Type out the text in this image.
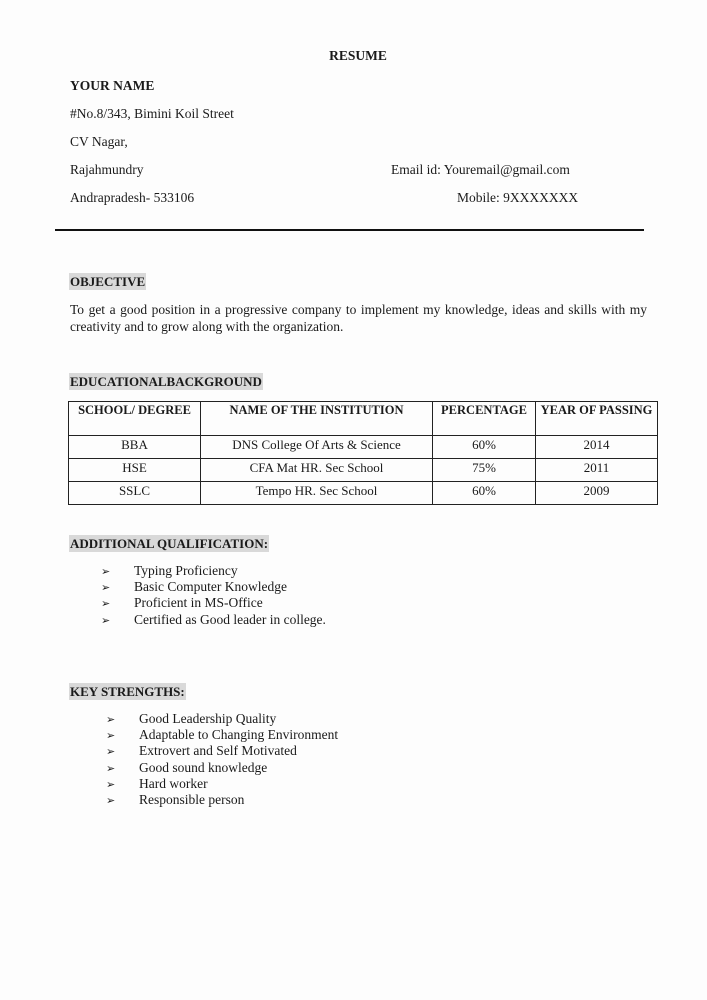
RESUME
YOUR NAME
#No.8/343, Bimini Koil Street
CV Nagar,
Rajahmundry
Andrapradesh- 533106
Email id: Youremail@gmail.com
Mobile: 9XXXXXXX
OBJECTIVE
To get a good position in a progressive company to implement my knowledge, ideas and skills with my creativity and to grow along with the organization.
EDUCATIONALBACKGROUND
SCHOOL/ DEGREE	NAME OF THE INSTITUTION	PERCENTAGE	YEAR OF PASSING
BBA	DNS College Of Arts & Science	60%	2014
HSE	CFA Mat HR. Sec School	75%	2011
SSLC	Tempo HR. Sec School	60%	2009
ADDITIONAL QUALIFICATION:
➢ Typing Proficiency
➢ Basic Computer Knowledge
➢ Proficient in MS-Office
➢ Certified as Good leader in college.
KEY STRENGTHS:
➢ Good Leadership Quality
➢ Adaptable to Changing Environment
➢ Extrovert and Self Motivated
➢ Good sound knowledge
➢ Hard worker
➢ Responsible person
